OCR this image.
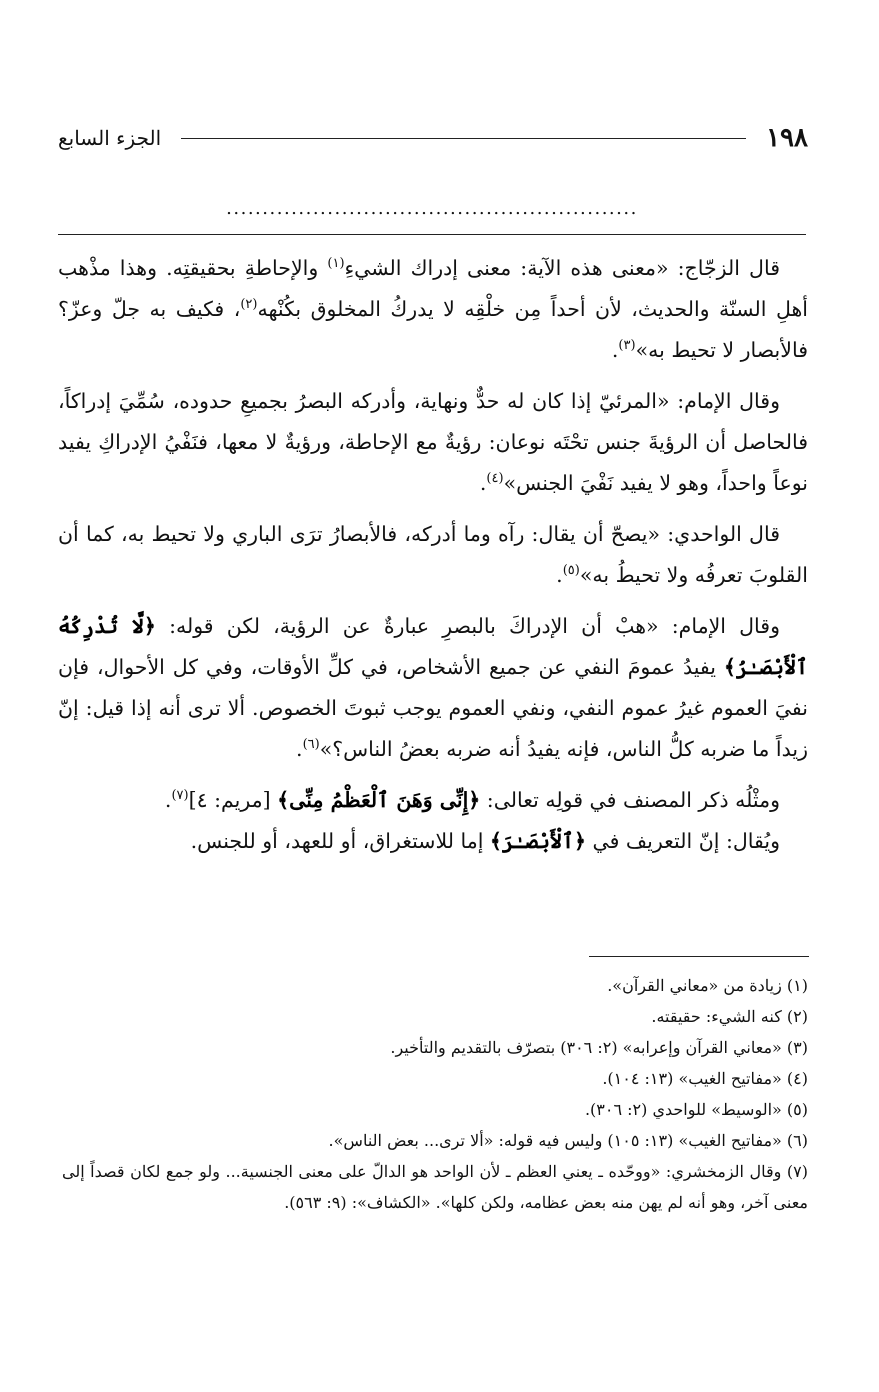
١٩٨
الجزء السابع
.........................................................

قال الزجّاج: «معنى هذه الآية: معنى إدراك الشيءِ$^{(١)}$ والإحاطةِ بحقيقتِه. وهذا مذْهب أهلِ السنّة والحديث، لأن أحداً مِن خلْقِه لا يدركُ المخلوق بكُنْهه$^{(٢)}$، فكيف به جلّ وعزّ؟ فالأبصار لا تحيط به»$^{(٣)}$.

وقال الإمام: «المرئيّ إذا كان له حدٌّ ونهاية، وأدركه البصرُ بجميعِ حدوده، سُمِّيَ إدراكاً، فالحاصل أن الرؤيةَ جنس تحْتَه نوعان: رؤيةٌ مع الإحاطة، ورؤيةٌ لا معها، فنَفْيُ الإدراكِ يفيد نوعاً واحداً، وهو لا يفيد نَفْيَ الجنس»$^{(٤)}$.

قال الواحدي: «يصحّ أن يقال: رآه وما أدركه، فالأبصارُ ترَى الباري ولا تحيط به، كما أن القلوبَ تعرفُه ولا تحيطُ به»$^{(٥)}$.

وقال الإمام: «هبْ أن الإدراكَ بالبصرِ عبارةٌ عن الرؤية، لكن قوله: ﴿لَّا تُدْرِكُهُ ٱلْأَبْصَـٰرُ﴾ يفيدُ عمومَ النفي عن جميع الأشخاص، في كلِّ الأوقات، وفي كل الأحوال، فإن نفيَ العموم غيرُ عموم النفي، ونفي العموم يوجب ثبوتَ الخصوص. ألا ترى أنه إذا قيل: إنّ زيداً ما ضربه كلُّ الناس، فإنه يفيدُ أنه ضربه بعضُ الناس؟»$^{(٦)}$.

ومثْلُه ذكر المصنف في قولِه تعالى: ﴿إِنِّى وَهَنَ ٱلْعَظْمُ مِنِّى﴾ [مريم: ٤]$^{(٧)}$.

ويُقال: إنّ التعريف في ﴿ٱلْأَبْصَـٰرَ﴾ إما للاستغراق، أو للعهد، أو للجنس.

(١) زيادة من «معاني القرآن».

(٢) كنه الشيء: حقيقته.

(٣) «معاني القرآن وإعرابه» (٢: ٣٠٦) بتصرّف بالتقديم والتأخير.

(٤) «مفاتيح الغيب» (١٣: ١٠٤).

(٥) «الوسيط» للواحدي (٢: ٣٠٦).

(٦) «مفاتيح الغيب» (١٣: ١٠٥) وليس فيه قوله: «ألا ترى... بعض الناس».

(٧) وقال الزمخشري: «ووحّده ـ يعني العظم ـ لأن الواحد هو الدالّ على معنى الجنسية... ولو جمع لكان قصداً إلى معنى آخر، وهو أنه لم يهن منه بعض عظامه، ولكن كلها». «الكشاف»: (٩: ٥٦٣).
